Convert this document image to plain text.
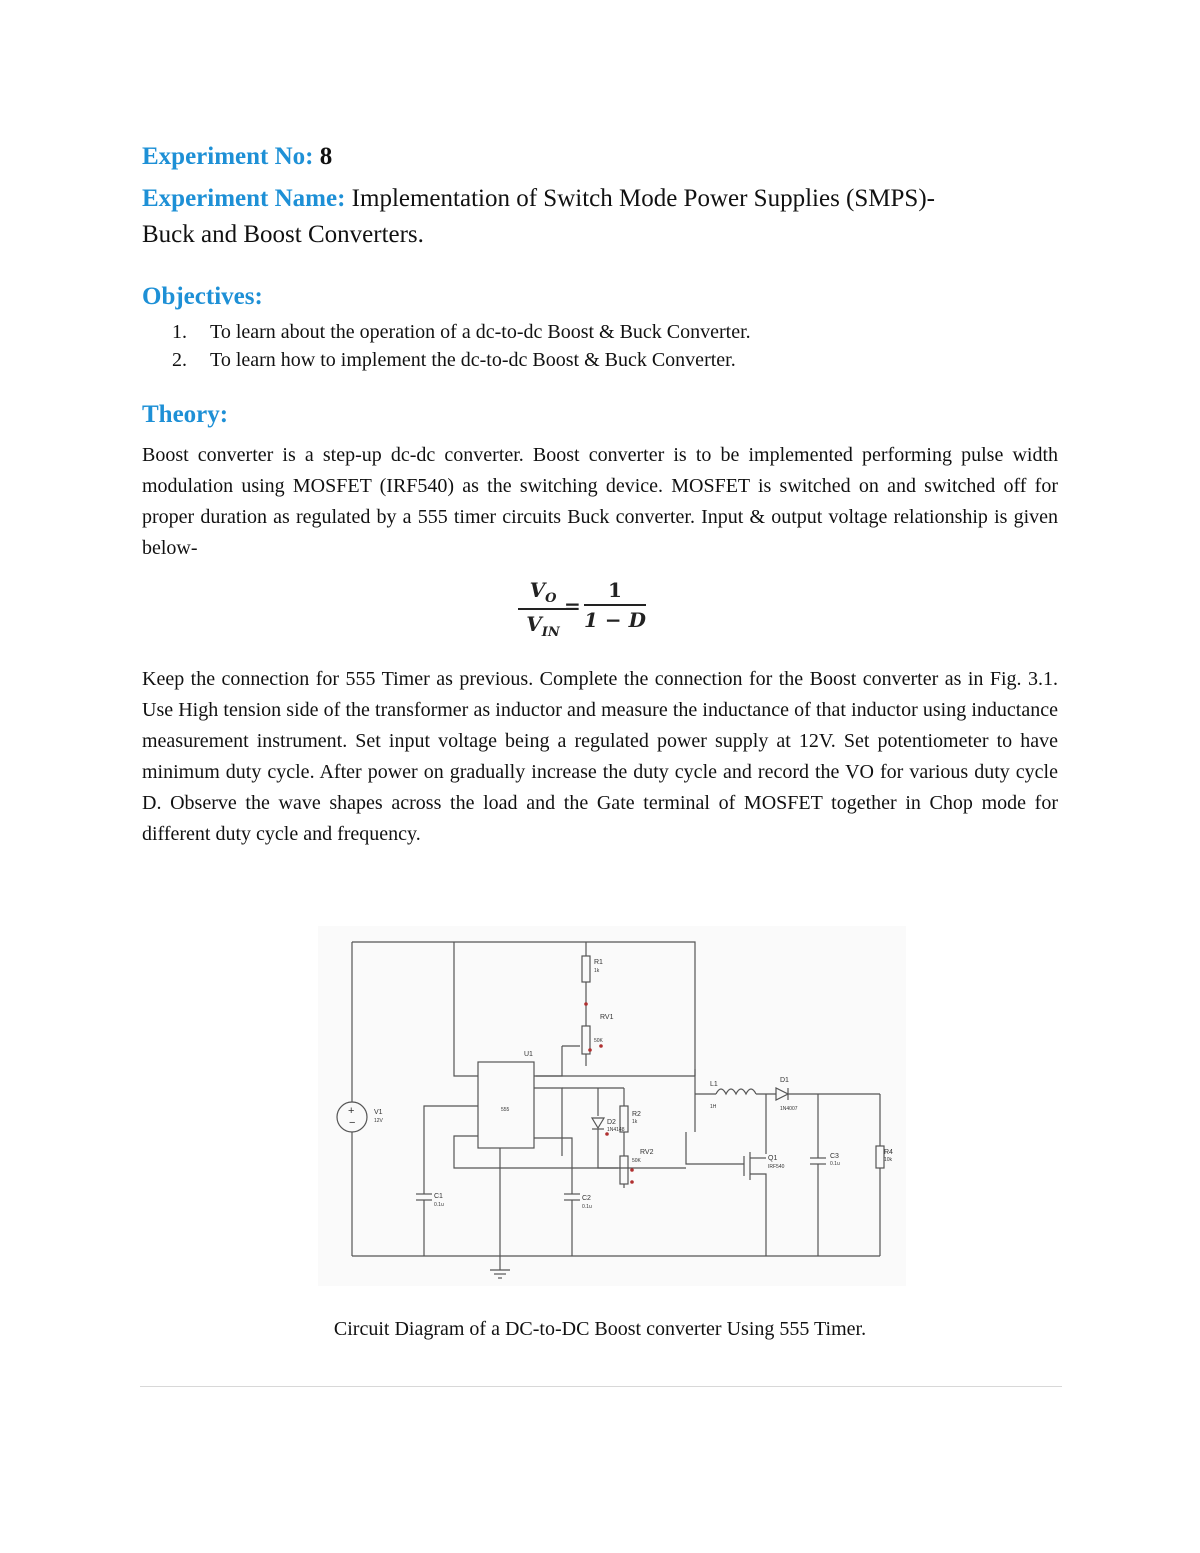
Experiment No: 8
Experiment Name: Implementation of Switch Mode Power Supplies (SMPS)-
Buck and Boost Converters.
Objectives:
1.	To learn about the operation of a dc-to-dc Boost & Buck Converter.
2.	To learn how to implement the dc-to-dc Boost & Buck Converter.
Theory:

Boost converter is a step-up dc-dc converter. Boost converter is to be implemented performing pulse width modulation using MOSFET (IRF540) as the switching device. MOSFET is switched on and switched off for proper duration as regulated by a 555 timer circuits Buck converter. Input & output voltage relationship is given below-

$V_O$
$V_{IN}$
=
1
1 − D

Keep the connection for 555 Timer as previous. Complete the connection for the Boost converter as in Fig. 3.1. Use High tension side of the transformer as inductor and measure the inductance of that inductor using inductance measurement instrument. Set input voltage being a regulated power supply at 12V. Set potentiometer to have minimum duty cycle. After power on gradually increase the duty cycle and record the VO for various duty cycle D. Observe the wave shapes across the load and the Gate terminal of MOSFET together in Chop mode for different duty cycle and frequency.

+
−
R1
1k
RV1
50K
U1
555
V1
12V	D2
1N4148
R2
1k
RV2
50K
L1
1H
D1
1N4007
Q1
IRF540
C3
0.1u
R4
10k
C1
0.1u
C2
0.1u
Circuit Diagram of a DC-to-DC Boost converter Using 555 Timer.
